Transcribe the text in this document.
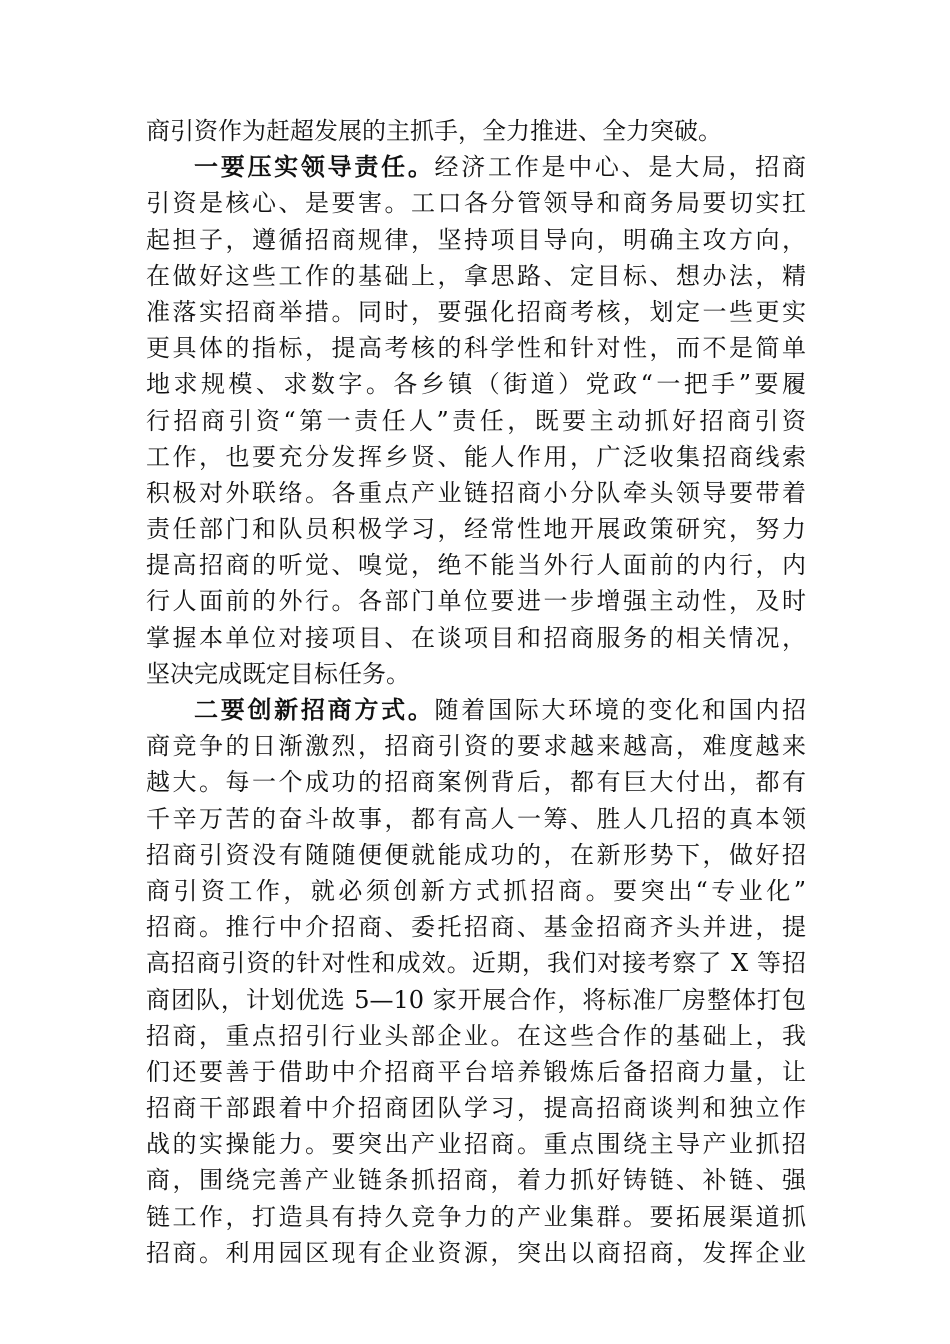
商引资作为赶超发展的主抓手，全力推进、全力突破。
一要压实领导责任。经济工作是中心、是大局，招商
引资是核心、是要害。工口各分管领导和商务局要切实扛
起担子，遵循招商规律，坚持项目导向，明确主攻方向，
在做好这些工作的基础上，拿思路、定目标、想办法，精
准落实招商举措。同时，要强化招商考核，划定一些更实
更具体的指标，提高考核的科学性和针对性，而不是简单
地求规模、求数字。各乡镇（街道）党政“一把手”要履
行招商引资“第一责任人”责任，既要主动抓好招商引资
工作，也要充分发挥乡贤、能人作用，广泛收集招商线索
积极对外联络。各重点产业链招商小分队牵头领导要带着
责任部门和队员积极学习，经常性地开展政策研究，努力
提高招商的听觉、嗅觉，绝不能当外行人面前的内行，内
行人面前的外行。各部门单位要进一步增强主动性，及时
掌握本单位对接项目、在谈项目和招商服务的相关情况，
坚决完成既定目标任务。
二要创新招商方式。随着国际大环境的变化和国内招
商竞争的日渐激烈，招商引资的要求越来越高，难度越来
越大。每一个成功的招商案例背后，都有巨大付出，都有
千辛万苦的奋斗故事，都有高人一筹、胜人几招的真本领
招商引资没有随随便便就能成功的，在新形势下，做好招
商引资工作，就必须创新方式抓招商。要突出“专业化”
招商。推行中介招商、委托招商、基金招商齐头并进，提
高招商引资的针对性和成效。近期，我们对接考察了 X 等招
商团队，计划优选 5—10 家开展合作，将标准厂房整体打包
招商，重点招引行业头部企业。在这些合作的基础上，我
们还要善于借助中介招商平台培养锻炼后备招商力量，让
招商干部跟着中介招商团队学习，提高招商谈判和独立作
战的实操能力。要突出产业招商。重点围绕主导产业抓招
商，围绕完善产业链条抓招商，着力抓好铸链、补链、强
链工作，打造具有持久竞争力的产业集群。要拓展渠道抓
招商。利用园区现有企业资源，突出以商招商，发挥企业
